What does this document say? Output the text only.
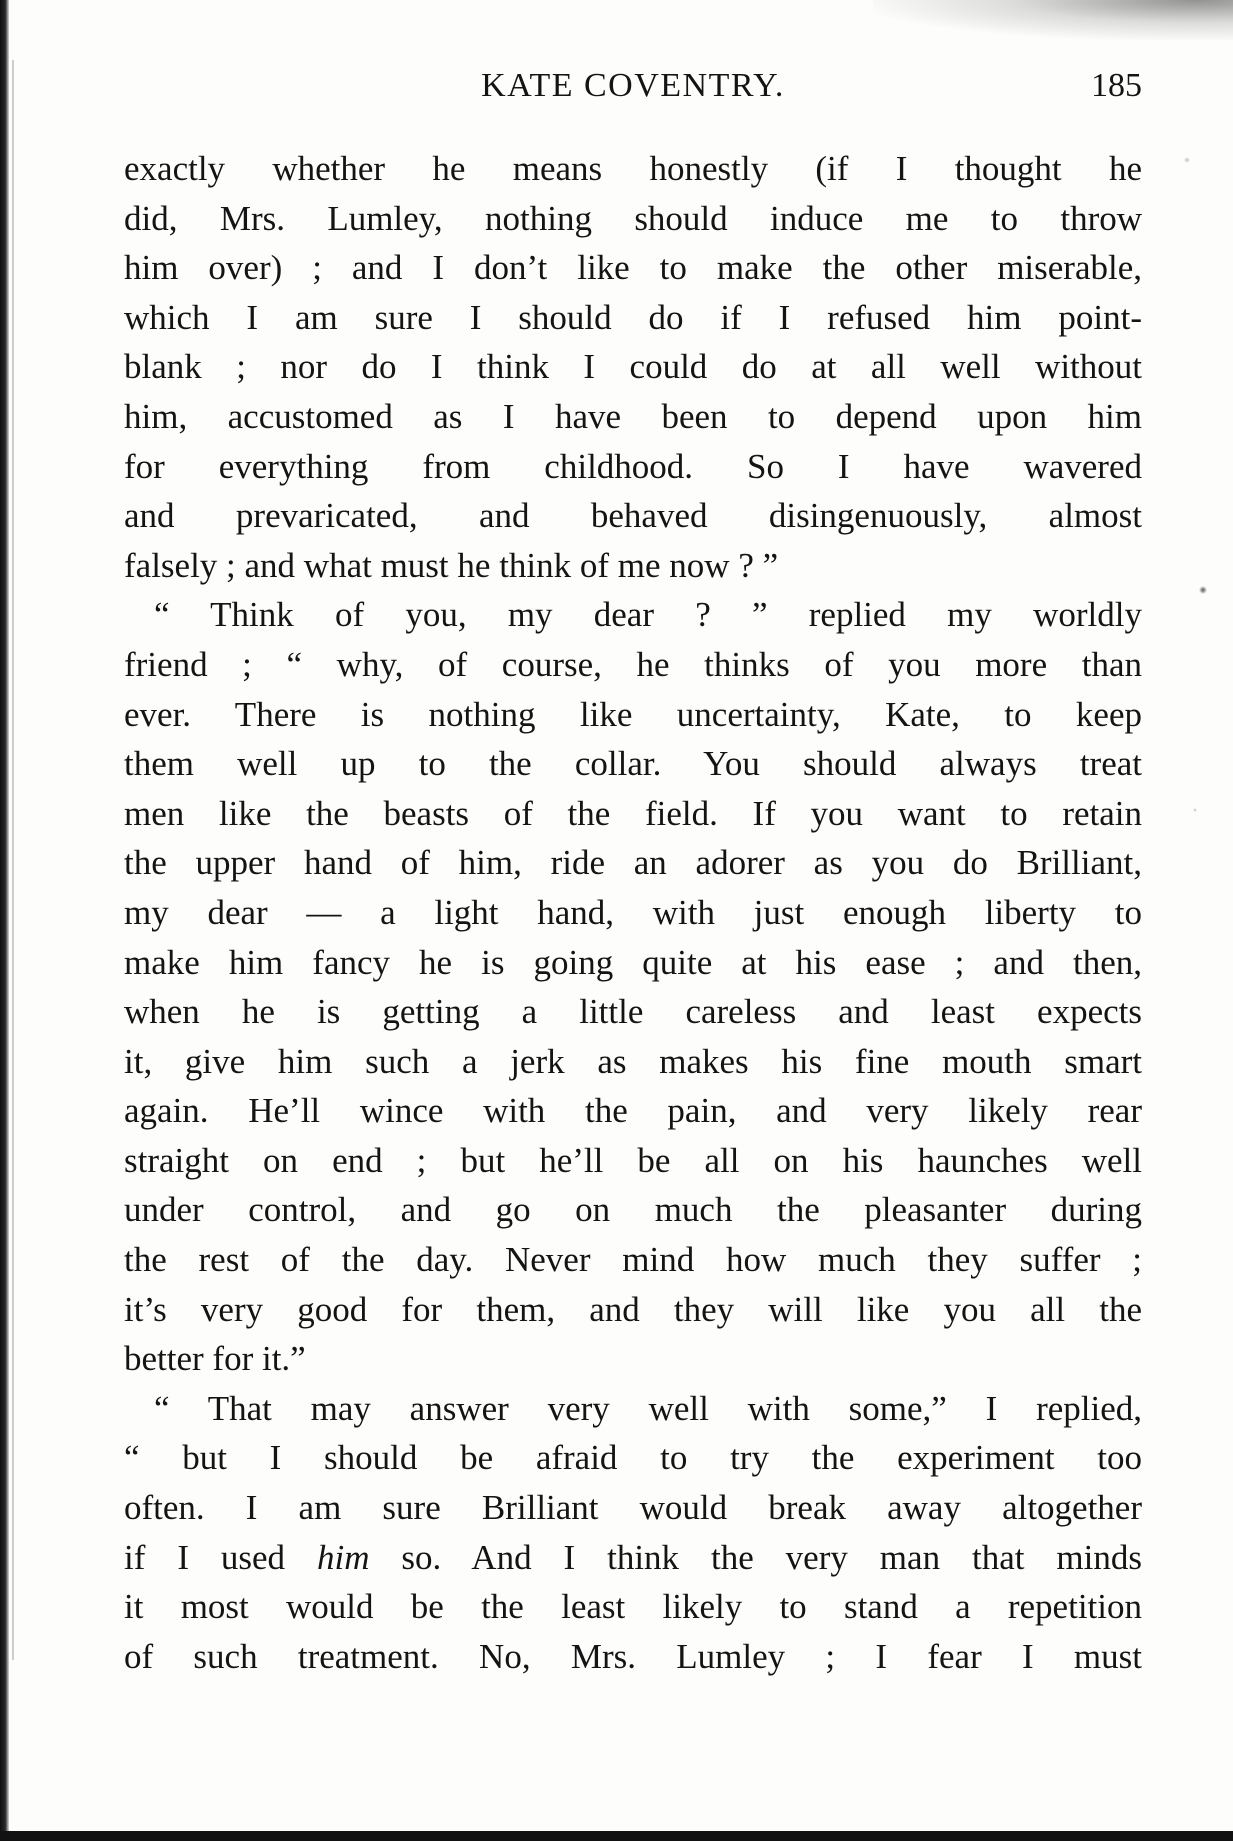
KATE COVENTRY.	185
exactly whether he means honestly (if I thought he
did, Mrs. Lumley, nothing should induce me to throw
him over) ; and I don’t like to make the other miserable,
which I am sure I should do if I refused him point-
blank ; nor do I think I could do at all well without
him, accustomed as I have been to depend upon him
for everything from childhood. So I have wavered
and prevaricated, and behaved disingenuously, almost
falsely ; and what must he think of me now ? ”
“ Think of you, my dear ? ” replied my worldly
friend ; “ why, of course, he thinks of you more than
ever. There is nothing like uncertainty, Kate, to keep
them well up to the collar. You should always treat
men like the beasts of the field. If you want to retain
the upper hand of him, ride an adorer as you do Brilliant,
my dear — a light hand, with just enough liberty to
make him fancy he is going quite at his ease ; and then,
when he is getting a little careless and least expects
it, give him such a jerk as makes his fine mouth smart
again. He’ll wince with the pain, and very likely rear
straight on end ; but he’ll be all on his haunches well
under control, and go on much the pleasanter during
the rest of the day. Never mind how much they suffer ;
it’s very good for them, and they will like you all the
better for it.”
“ That may answer very well with some,” I replied,
“ but I should be afraid to try the experiment too
often. I am sure Brilliant would break away altogether
if I used him so. And I think the very man that minds
it most would be the least likely to stand a repetition
of such treatment. No, Mrs. Lumley ; I fear I must
